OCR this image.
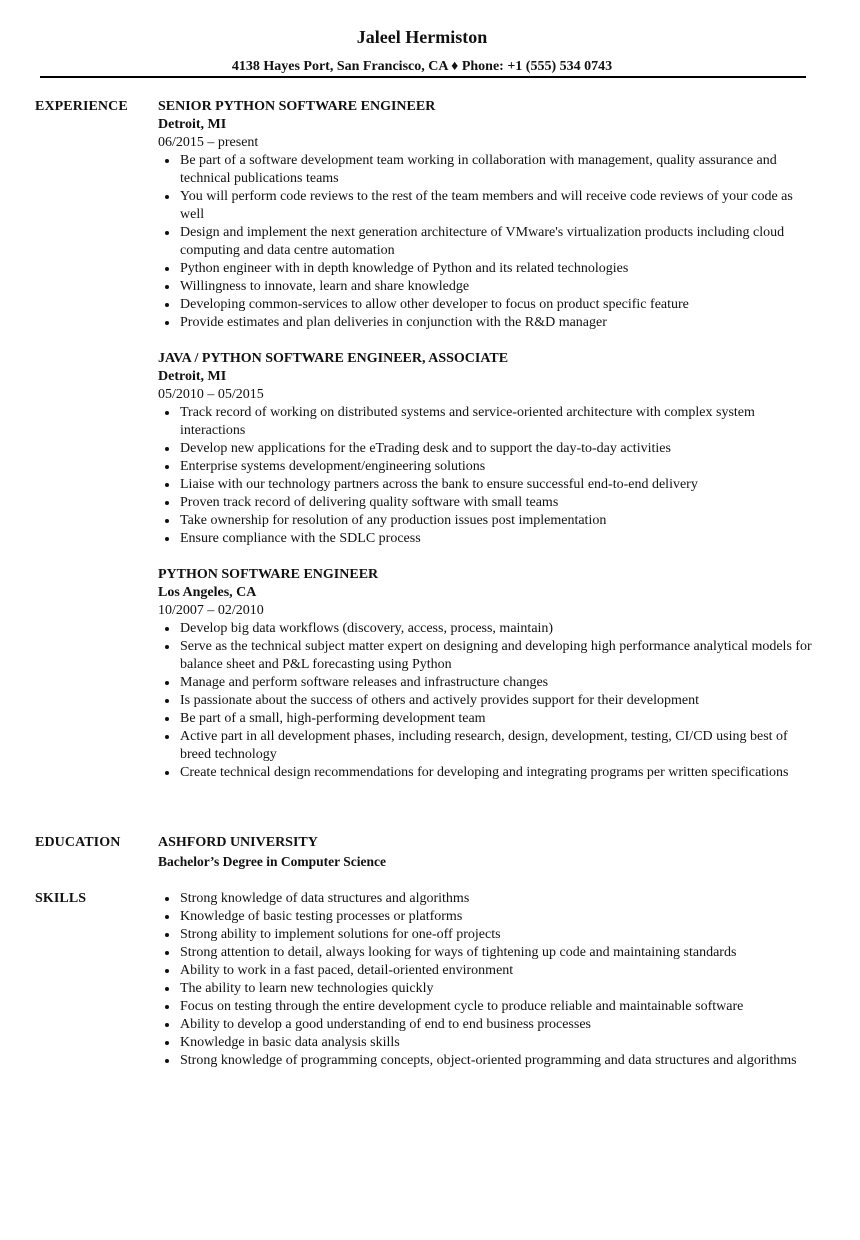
Jaleel Hermiston
4138 Hayes Port, San Francisco, CA ♦ Phone: +1 (555) 534 0743
EXPERIENCE SENIOR PYTHON SOFTWARE ENGINEER
Detroit, MI
06/2015 – present
Be part of a software development team working in collaboration with management, quality assurance and technical publications teams
You will perform code reviews to the rest of the team members and will receive code reviews of your code as well
Design and implement the next generation architecture of VMware's virtualization products including cloud computing and data centre automation
Python engineer with in depth knowledge of Python and its related technologies
Willingness to innovate, learn and share knowledge
Developing common-services to allow other developer to focus on product specific feature
Provide estimates and plan deliveries in conjunction with the R&D manager
JAVA / PYTHON SOFTWARE ENGINEER, ASSOCIATE
Detroit, MI
05/2010 – 05/2015
Track record of working on distributed systems and service-oriented architecture with complex system interactions
Develop new applications for the eTrading desk and to support the day-to-day activities
Enterprise systems development/engineering solutions
Liaise with our technology partners across the bank to ensure successful end-to-end delivery
Proven track record of delivering quality software with small teams
Take ownership for resolution of any production issues post implementation
Ensure compliance with the SDLC process
PYTHON SOFTWARE ENGINEER
Los Angeles, CA
10/2007 – 02/2010
Develop big data workflows (discovery, access, process, maintain)
Serve as the technical subject matter expert on designing and developing high performance analytical models for balance sheet and P&L forecasting using Python
Manage and perform software releases and infrastructure changes
Is passionate about the success of others and actively provides support for their development
Be part of a small, high-performing development team
Active part in all development phases, including research, design, development, testing, CI/CD using best of breed technology
Create technical design recommendations for developing and integrating programs per written specifications
EDUCATION	ASHFORD UNIVERSITY
Bachelor’s Degree in Computer Science
SKILLS	Strong knowledge of data structures and algorithms
Knowledge of basic testing processes or platforms
Strong ability to implement solutions for one-off projects
Strong attention to detail, always looking for ways of tightening up code and maintaining standards
Ability to work in a fast paced, detail-oriented environment
The ability to learn new technologies quickly
Focus on testing through the entire development cycle to produce reliable and maintainable software
Ability to develop a good understanding of end to end business processes
Knowledge in basic data analysis skills
Strong knowledge of programming concepts, object-oriented programming and data structures and algorithms
